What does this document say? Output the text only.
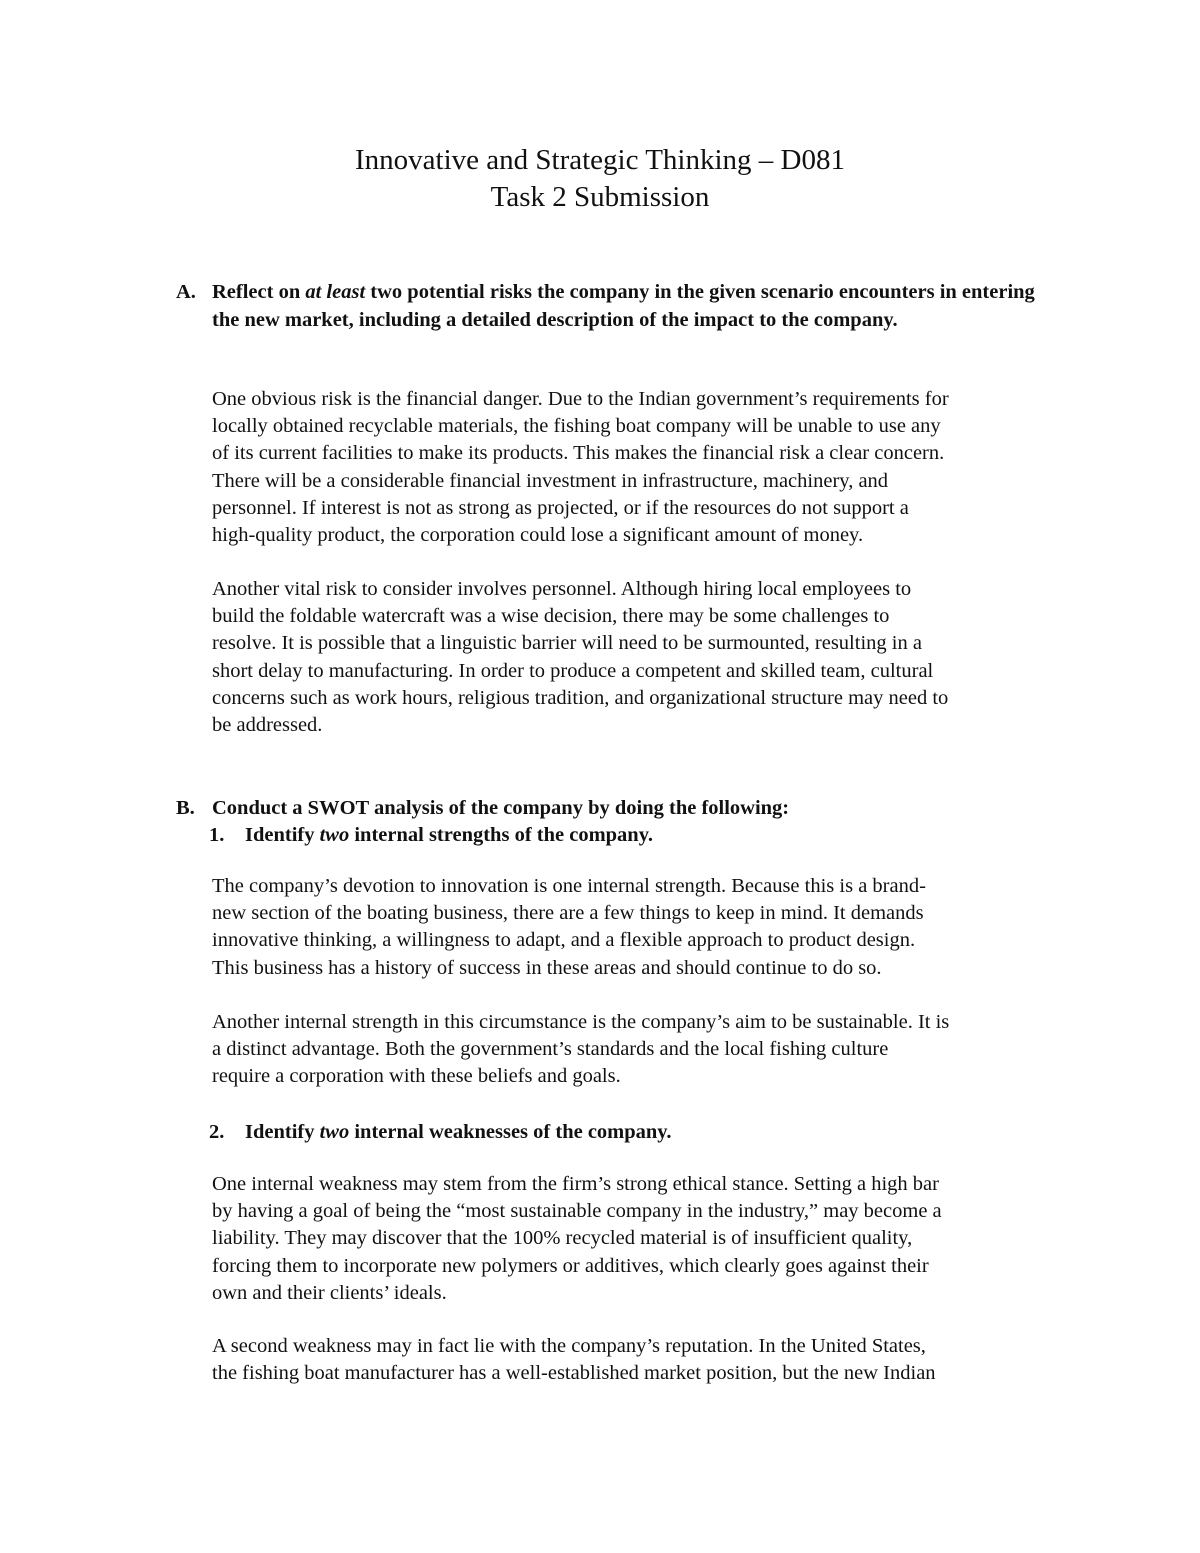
Innovative and Strategic Thinking – D081
Task 2 Submission
A. Reflect on at least two potential risks the company in the given scenario encounters in entering the new market, including a detailed description of the impact to the company.
One obvious risk is the financial danger. Due to the Indian government’s requirements for
locally obtained recyclable materials, the fishing boat company will be unable to use any
of its current facilities to make its products. This makes the financial risk a clear concern.
There will be a considerable financial investment in infrastructure, machinery, and
personnel. If interest is not as strong as projected, or if the resources do not support a
high-quality product, the corporation could lose a significant amount of money.
Another vital risk to consider involves personnel. Although hiring local employees to
build the foldable watercraft was a wise decision, there may be some challenges to
resolve. It is possible that a linguistic barrier will need to be surmounted, resulting in a
short delay to manufacturing. In order to produce a competent and skilled team, cultural
concerns such as work hours, religious tradition, and organizational structure may need to
be addressed.
B. Conduct a SWOT analysis of the company by doing the following:
1. Identify two internal strengths of the company.
The company’s devotion to innovation is one internal strength. Because this is a brand-
new section of the boating business, there are a few things to keep in mind. It demands
innovative thinking, a willingness to adapt, and a flexible approach to product design.
This business has a history of success in these areas and should continue to do so.
Another internal strength in this circumstance is the company’s aim to be sustainable. It is
a distinct advantage. Both the government’s standards and the local fishing culture
require a corporation with these beliefs and goals.
2. Identify two internal weaknesses of the company.
One internal weakness may stem from the firm’s strong ethical stance. Setting a high bar
by having a goal of being the “most sustainable company in the industry,” may become a
liability. They may discover that the 100% recycled material is of insufficient quality,
forcing them to incorporate new polymers or additives, which clearly goes against their
own and their clients’ ideals.
A second weakness may in fact lie with the company’s reputation. In the United States,
the fishing boat manufacturer has a well-established market position, but the new Indian
